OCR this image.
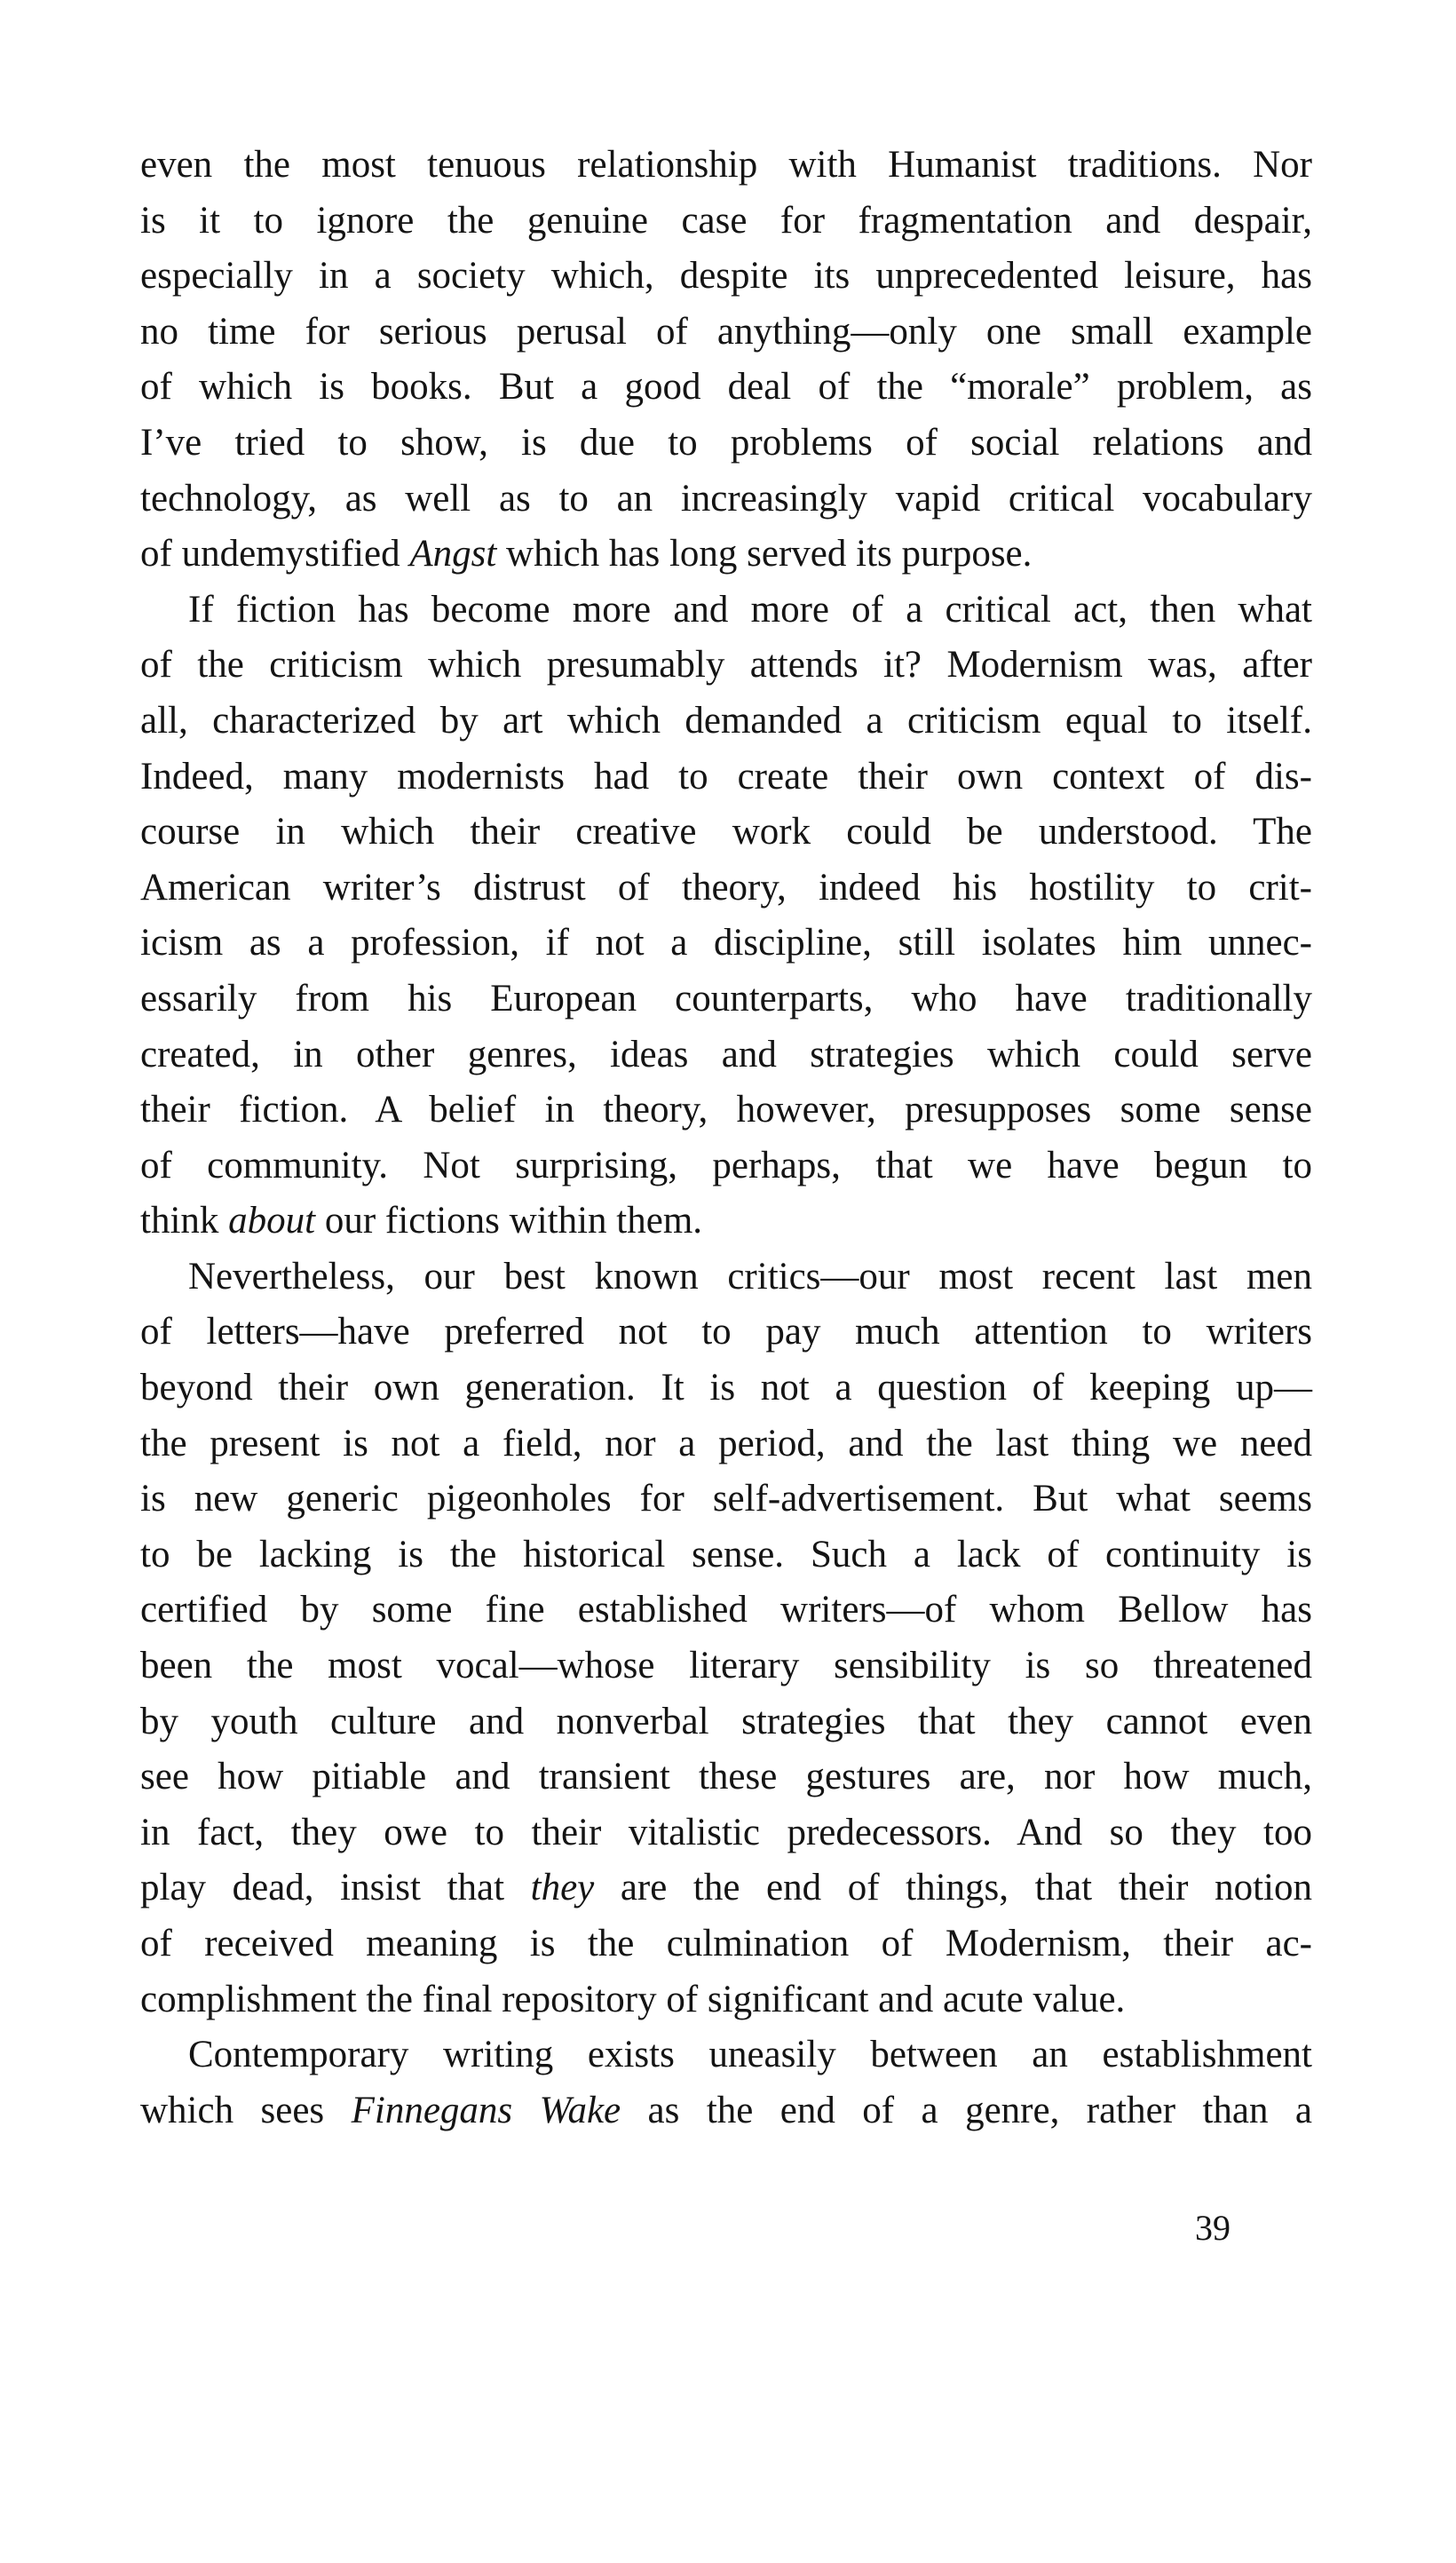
even the most tenuous relationship with Humanist traditions. Nor
is it to ignore the genuine case for fragmentation and despair,
especially in a society which, despite its unprecedented leisure, has
no time for serious perusal of anything—only one small example
of which is books. But a good deal of the “morale” problem, as
I’ve tried to show, is due to problems of social relations and
technology, as well as to an increasingly vapid critical vocabulary
of undemystified Angst which has long served its purpose.
If fiction has become more and more of a critical act, then what
of the criticism which presumably attends it? Modernism was, after
all, characterized by art which demanded a criticism equal to itself.
Indeed, many modernists had to create their own context of dis-
course in which their creative work could be understood. The
American writer’s distrust of theory, indeed his hostility to crit-
icism as a profession, if not a discipline, still isolates him unnec-
essarily from his European counterparts, who have traditionally
created, in other genres, ideas and strategies which could serve
their fiction. A belief in theory, however, presupposes some sense
of community. Not surprising, perhaps, that we have begun to
think about our fictions within them.
Nevertheless, our best known critics—our most recent last men
of letters—have preferred not to pay much attention to writers
beyond their own generation. It is not a question of keeping up—
the present is not a field, nor a period, and the last thing we need
is new generic pigeonholes for self-advertisement. But what seems
to be lacking is the historical sense. Such a lack of continuity is
certified by some fine established writers—of whom Bellow has
been the most vocal—whose literary sensibility is so threatened
by youth culture and nonverbal strategies that they cannot even
see how pitiable and transient these gestures are, nor how much,
in fact, they owe to their vitalistic predecessors. And so they too
play dead, insist that they are the end of things, that their notion
of received meaning is the culmination of Modernism, their ac-
complishment the final repository of significant and acute value.
Contemporary writing exists uneasily between an establishment
which sees Finnegans Wake as the end of a genre, rather than a
39
